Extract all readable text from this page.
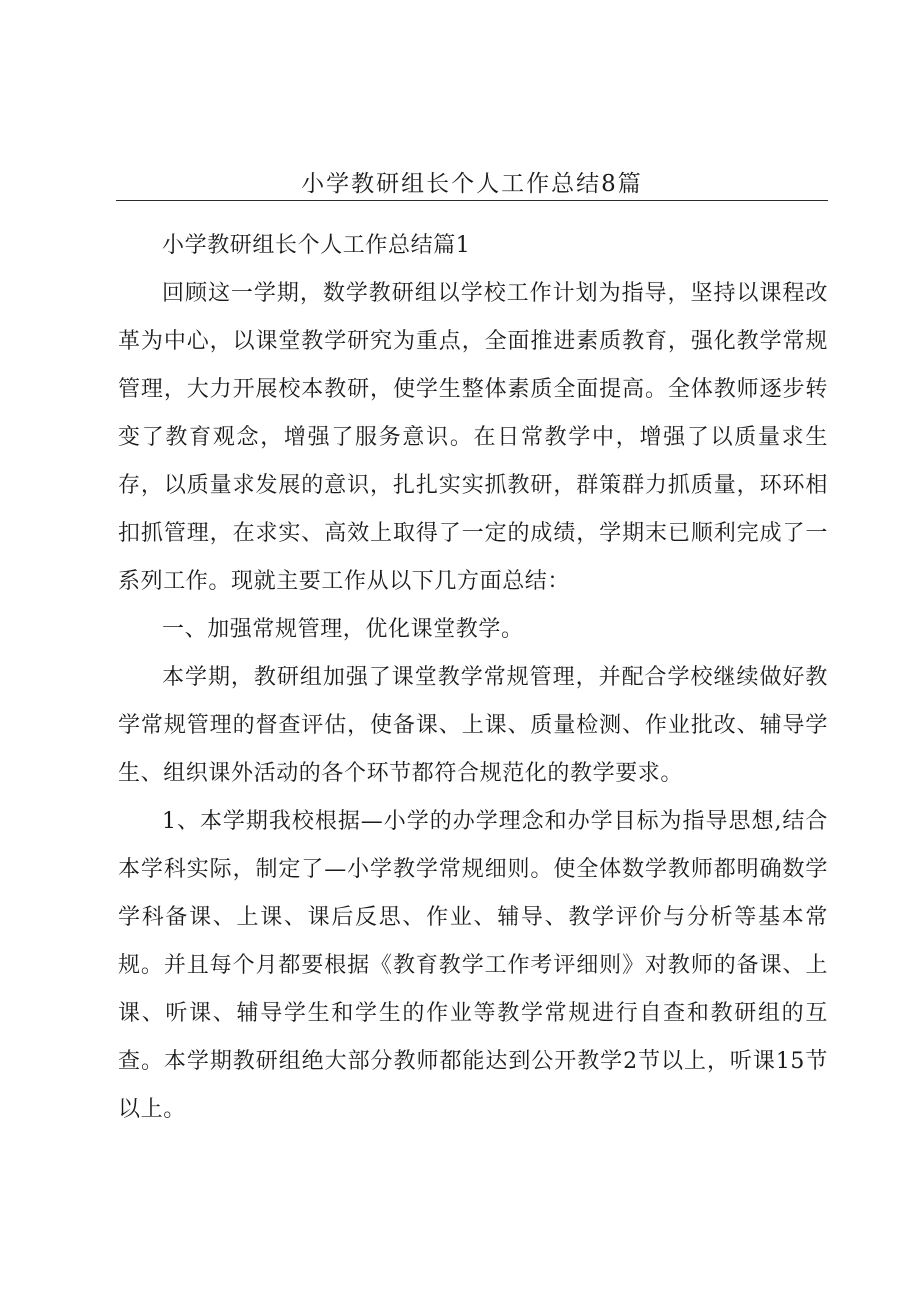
小学教研组长个人工作总结8篇

小学教研组长个人工作总结篇1

回顾这一学期，数学教研组以学校工作计划为指导，坚持以课程改革为中心，以课堂教学研究为重点，全面推进素质教育，强化教学常规管理，大力开展校本教研，使学生整体素质全面提高。全体教师逐步转变了教育观念，增强了服务意识。在日常教学中，增强了以质量求生存，以质量求发展的意识，扎扎实实抓教研，群策群力抓质量，环环相扣抓管理，在求实、高效上取得了一定的成绩，学期末已顺利完成了一系列工作。现就主要工作从以下几方面总结：

一、加强常规管理，优化课堂教学。

本学期，教研组加强了课堂教学常规管理，并配合学校继续做好教学常规管理的督查评估，使备课、上课、质量检测、作业批改、辅导学生、组织课外活动的各个环节都符合规范化的教学要求。

1、本学期我校根据—小学的办学理念和办学目标为指导思想,结合本学科实际，制定了—小学教学常规细则。使全体数学教师都明确数学学科备课、上课、课后反思、作业、辅导、教学评价与分析等基本常规。并且每个月都要根据《教育教学工作考评细则》对教师的备课、上课、听课、辅导学生和学生的作业等教学常规进行自查和教研组的互查。本学期教研组绝大部分教师都能达到公开教学2节以上，听课15节以上。
